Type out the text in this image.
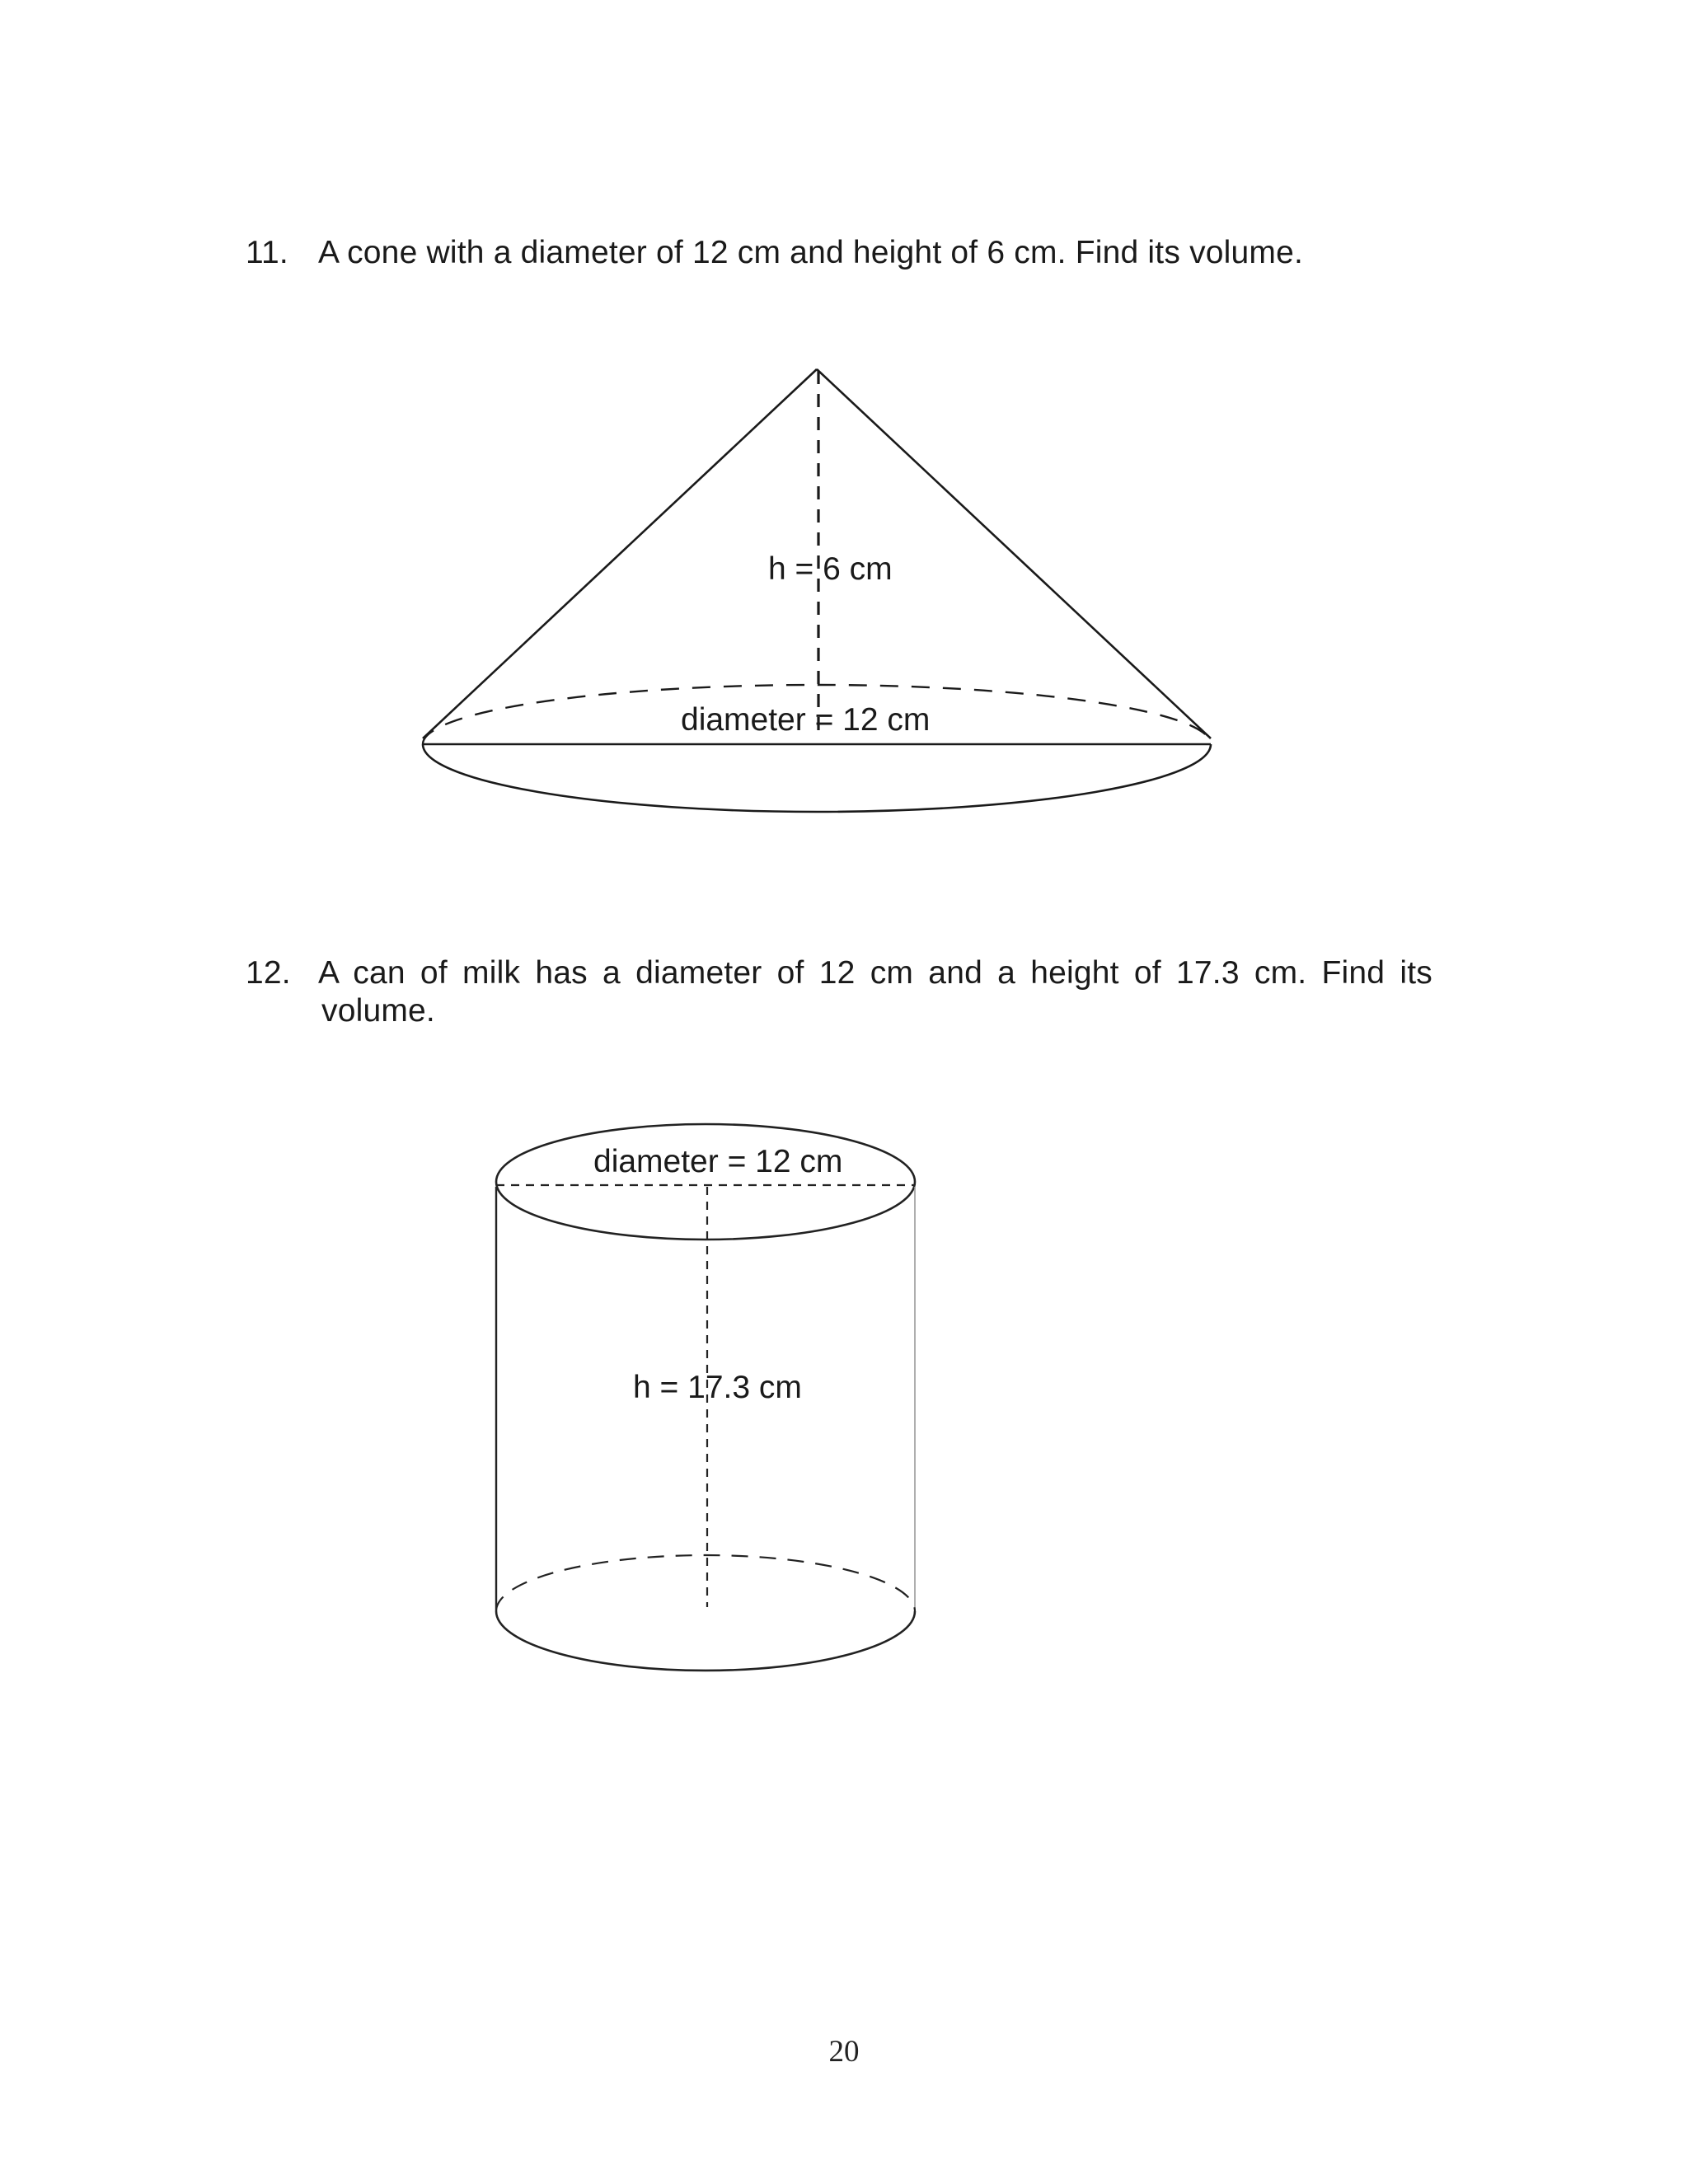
11. A cone with a diameter of 12 cm and height of 6 cm. Find its volume.
12. A can of milk has a diameter of 12 cm and a height of 17.3 cm. Find its
volume.
h = 6 cm
diameter = 12 cm
diameter = 12 cm
h = 17.3 cm
20
